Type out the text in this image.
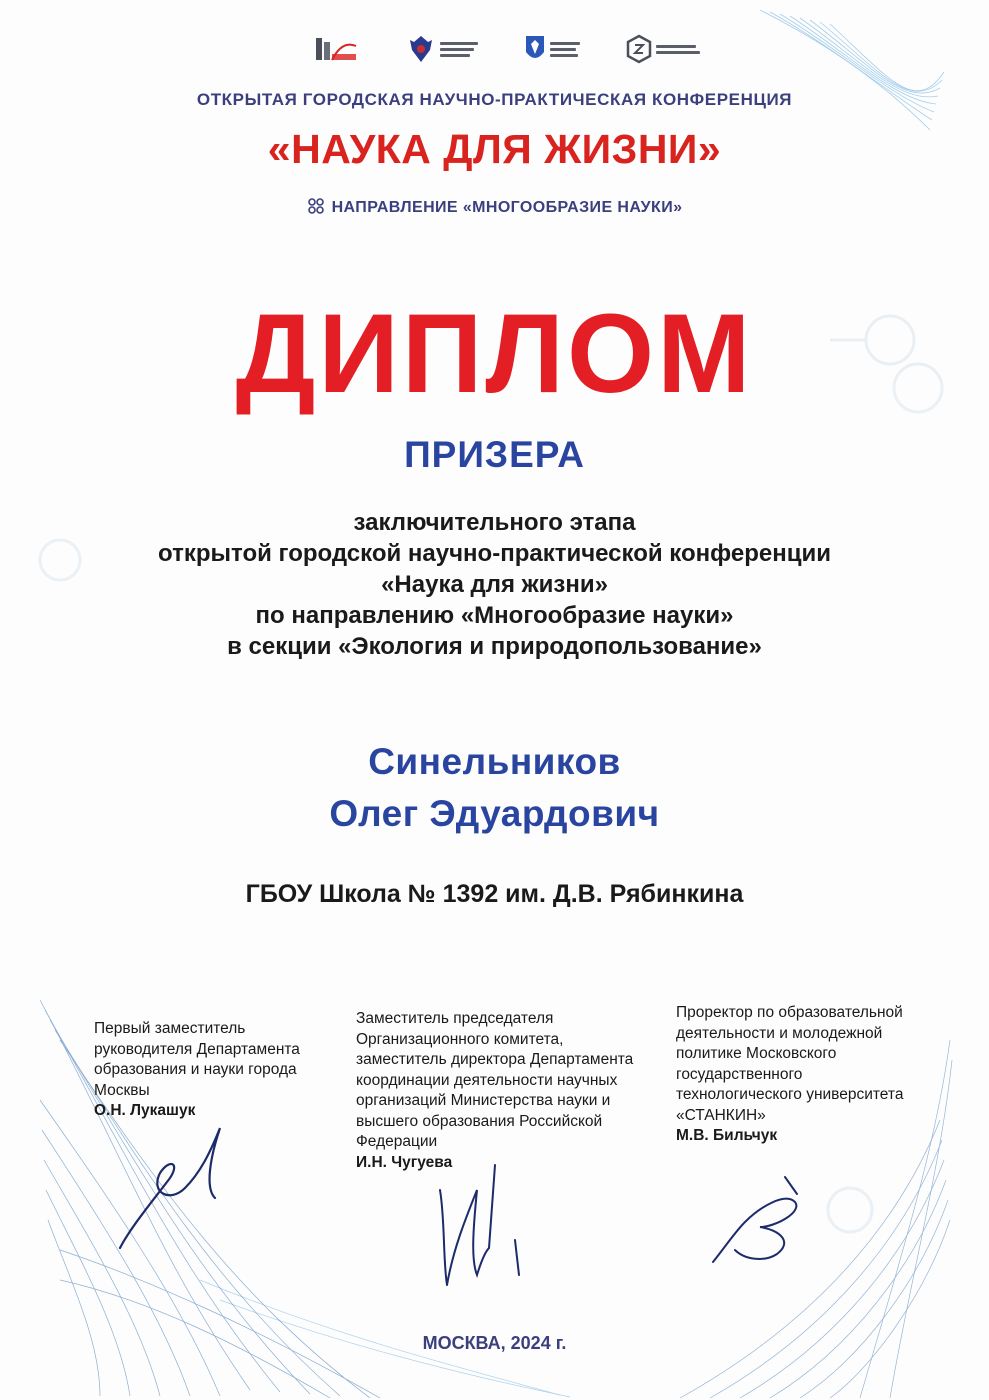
ОТКРЫТАЯ ГОРОДСКАЯ НАУЧНО-ПРАКТИЧЕСКАЯ КОНФЕРЕНЦИЯ
«НАУКА ДЛЯ ЖИЗНИ»
НАПРАВЛЕНИЕ «МНОГООБРАЗИЕ НАУКИ»
ДИПЛОМ
ПРИЗЕРА
заключительного этапа
открытой городской научно-практической конференции
«Наука для жизни»
по направлению «Многообразие науки»
в секции «Экология и природопользование»
Синельников
Олег Эдуардович
ГБОУ Школа № 1392 им. Д.В. Рябинкина
Первый заместитель руководителя Департамента образования и науки города Москвы
О.Н. Лукашук
Заместитель председателя Организационного комитета, заместитель директора Департамента координации деятельности научных организаций Министерства науки и высшего образования Российской Федерации
И.Н. Чугуева
Проректор по образовательной деятельности и молодежной политике Московского государственного технологического университета «СТАНКИН»
М.В. Бильчук
МОСКВА, 2024 г.
